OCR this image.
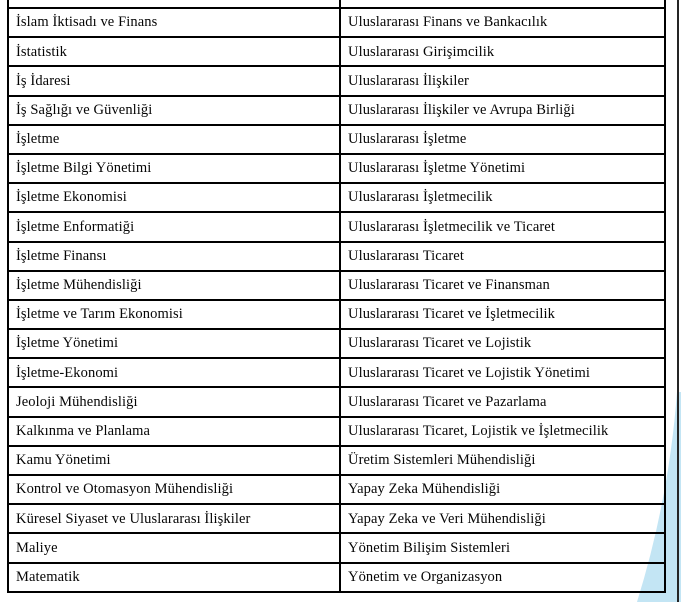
İslam İktisadı ve Finans	Uluslararası Finans ve Bankacılık
İstatistik	Uluslararası Girişimcilik
İş İdaresi	Uluslararası İlişkiler
İş Sağlığı ve Güvenliği	Uluslararası İlişkiler ve Avrupa Birliği
İşletme	Uluslararası İşletme
İşletme Bilgi Yönetimi	Uluslararası İşletme Yönetimi
İşletme Ekonomisi	Uluslararası İşletmecilik
İşletme Enformatiği	Uluslararası İşletmecilik ve Ticaret
İşletme Finansı	Uluslararası Ticaret
İşletme Mühendisliği	Uluslararası Ticaret ve Finansman
İşletme ve Tarım Ekonomisi	Uluslararası Ticaret ve İşletmecilik
İşletme Yönetimi	Uluslararası Ticaret ve Lojistik
İşletme-Ekonomi	Uluslararası Ticaret ve Lojistik Yönetimi
Jeoloji Mühendisliği	Uluslararası Ticaret ve Pazarlama
Kalkınma ve Planlama	Uluslararası Ticaret, Lojistik ve İşletmecilik
Kamu Yönetimi	Üretim Sistemleri Mühendisliği
Kontrol ve Otomasyon Mühendisliği	Yapay Zeka Mühendisliği
Küresel Siyaset ve Uluslararası İlişkiler	Yapay Zeka ve Veri Mühendisliği
Maliye	Yönetim Bilişim Sistemleri
Matematik	Yönetim ve Organizasyon
